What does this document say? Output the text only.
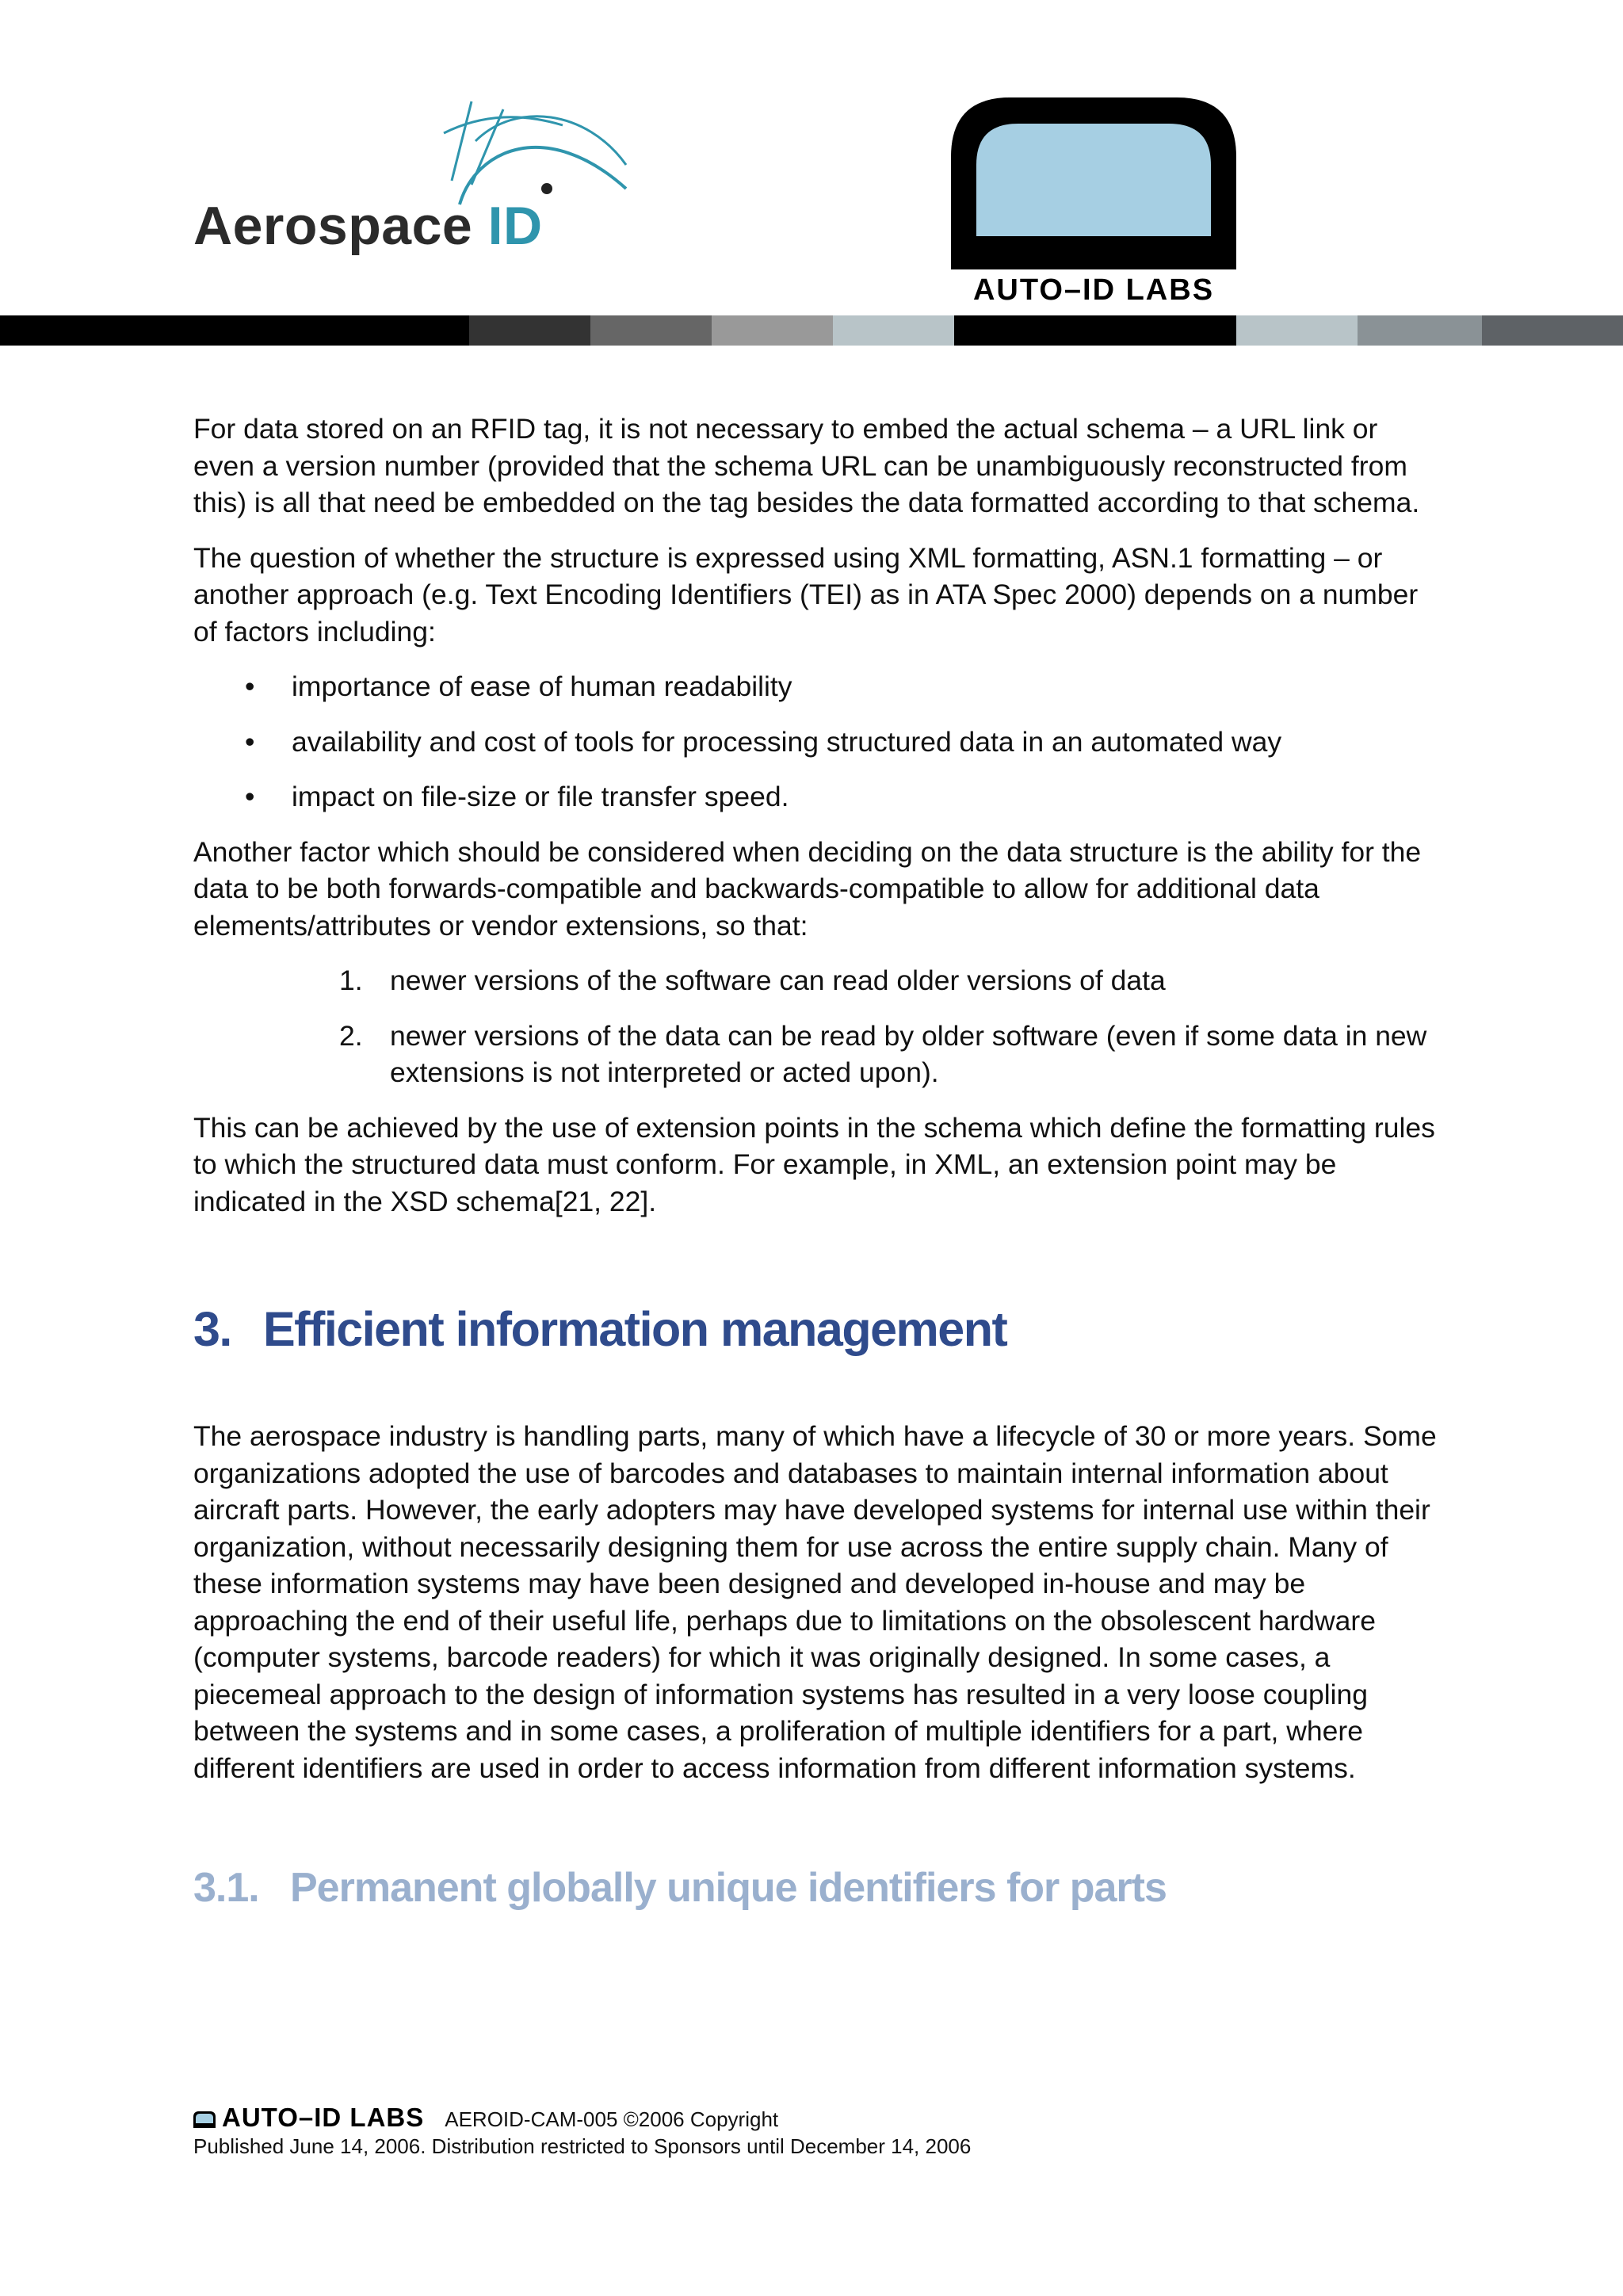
Aerospace ID
AUTO–ID LABS

For data stored on an RFID tag, it is not necessary to embed the actual schema – a URL link or even a version number (provided that the schema URL can be unambiguously reconstructed from this) is all that need be embedded on the tag besides the data formatted according to that schema.

The question of whether the structure is expressed using XML formatting, ASN.1 formatting – or another approach (e.g. Text Encoding Identifiers (TEI) as in ATA Spec 2000) depends on a number of factors including:

• importance of ease of human readability
• availability and cost of tools for processing structured data in an automated way
• impact on file-size or file transfer speed.

Another factor which should be considered when deciding on the data structure is the ability for the data to be both forwards-compatible and backwards-compatible to allow for additional data elements/attributes or vendor extensions, so that:

1. newer versions of the software can read older versions of data
2. newer versions of the data can be read by older software (even if some data in new extensions is not interpreted or acted upon).

This can be achieved by the use of extension points in the schema which define the formatting rules to which the structured data must conform. For example, in XML, an extension point may be indicated in the XSD schema[21, 22].

3. Efficient information management

The aerospace industry is handling parts, many of which have a lifecycle of 30 or more years. Some organizations adopted the use of barcodes and databases to maintain internal information about aircraft parts. However, the early adopters may have developed systems for internal use within their organization, without necessarily designing them for use across the entire supply chain. Many of these information systems may have been designed and developed in-house and may be approaching the end of their useful life, perhaps due to limitations on the obsolescent hardware (computer systems, barcode readers) for which it was originally designed. In some cases, a piecemeal approach to the design of information systems has resulted in a very loose coupling between the systems and in some cases, a proliferation of multiple identifiers for a part, where different identifiers are used in order to access information from different information systems.

3.1. Permanent globally unique identifiers for parts
AUTO–ID LABS AEROID-CAM-005 ©2006 Copyright
Published June 14, 2006. Distribution restricted to Sponsors until December 14, 2006
